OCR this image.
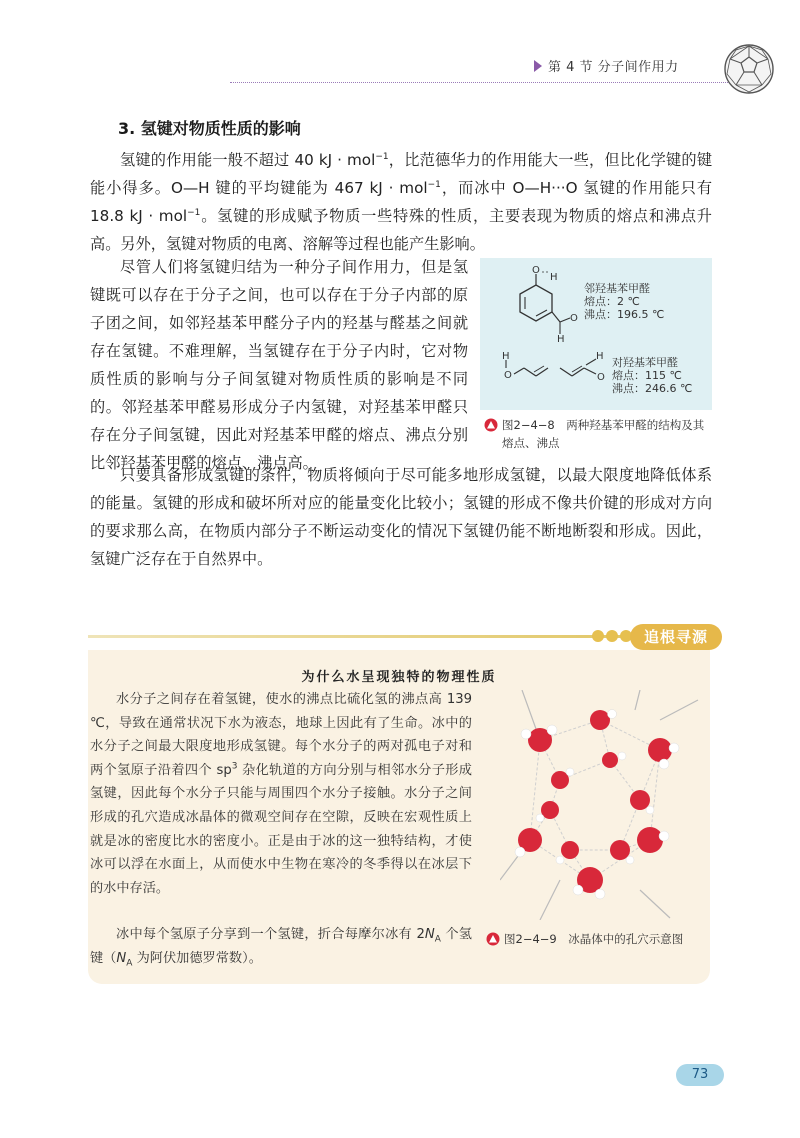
第 4 节 分子间作用力
3. 氢键对物质性质的影响
氢键的作用能一般不超过 40 kJ · mol$^{-1}$，比范德华力的作用能大一些，但比化学键的键能小得多。O—H 键的平均键能为 467 kJ · mol$^{-1}$，而冰中 O—H···O 氢键的作用能只有 18.8 kJ · mol$^{-1}$。氢键的形成赋予物质一些特殊的性质，主要表现为物质的熔点和沸点升高。另外，氢键对物质的电离、溶解等过程也能产生影响。
尽管人们将氢键归结为一种分子间作用力，但是氢键既可以存在于分子之间，也可以存在于分子内部的原子团之间，如邻羟基苯甲醛分子内的羟基与醛基之间就存在氢键。不难理解，当氢键存在于分子内时，它对物质性质的影响与分子间氢键对物质性质的影响是不同的。邻羟基苯甲醛易形成分子内氢键，对羟基苯甲醛只存在分子间氢键，因此对羟基苯甲醛的熔点、沸点分别比邻羟基苯甲醛的熔点、沸点高。
O
H
O
H
邻羟基苯甲醛
熔点：2 ℃
沸点：196.5 ℃
H
O
H
O
对羟基苯甲醛
熔点：115 ℃
沸点：246.6 ℃
图2−4−8　两种羟基苯甲醛的结构及其
熔点、沸点
只要具备形成氢键的条件，物质将倾向于尽可能多地形成氢键，以最大限度地降低体系的能量。氢键的形成和破坏所对应的能量变化比较小；氢键的形成不像共价键的形成对方向的要求那么高，在物质内部分子不断运动变化的情况下氢键仍能不断地断裂和形成。因此，氢键广泛存在于自然界中。
追根寻源
为什么水呈现独特的物理性质
水分子之间存在着氢键，使水的沸点比硫化氢的沸点高 139 ℃，导致在通常状况下水为液态，地球上因此有了生命。冰中的水分子之间最大限度地形成氢键。每个水分子的两对孤电子对和两个氢原子沿着四个 $sp^3$ 杂化轨道的方向分别与相邻水分子形成氢键，因此每个水分子只能与周围四个水分子接触。水分子之间形成的孔穴造成冰晶体的微观空间存在空隙，反映在宏观性质上就是冰的密度比水的密度小。正是由于冰的这一独特结构，才使冰可以浮在水面上，从而使水中生物在寒冷的冬季得以在冰层下的水中存活。
冰中每个氢原子分享到一个氢键，折合每摩尔冰有 $2N_A$ 个氢键（$N_A$ 为阿伏加德罗常数）。
图2−4−9　冰晶体中的孔穴示意图
73
